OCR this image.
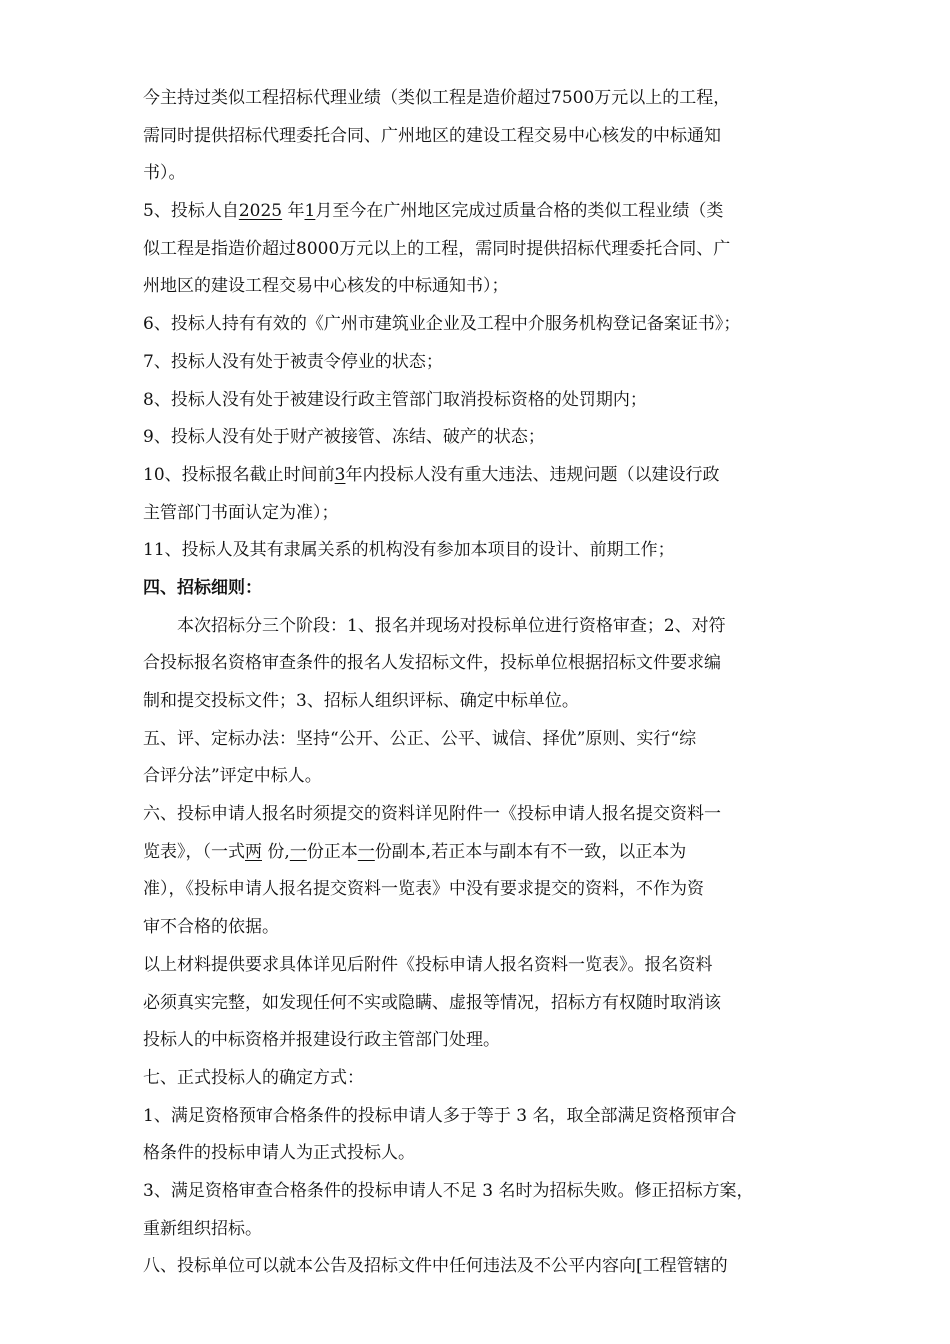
今主持过类似工程招标代理业绩（类似工程是造价超过7500万元以上的工程，
需同时提供招标代理委托合同、广州地区的建设工程交易中心核发的中标通知
书）。
5、投标人自2025 年1月至今在广州地区完成过质量合格的类似工程业绩（类
似工程是指造价超过8000万元以上的工程，需同时提供招标代理委托合同、广
州地区的建设工程交易中心核发的中标通知书）；
6、投标人持有有效的《广州市建筑业企业及工程中介服务机构登记备案证书》；
7、投标人没有处于被责令停业的状态；
8、投标人没有处于被建设行政主管部门取消投标资格的处罚期内；
9、投标人没有处于财产被接管、冻结、破产的状态；
10、投标报名截止时间前3年内投标人没有重大违法、违规问题（以建设行政
主管部门书面认定为准）；
11、投标人及其有隶属关系的机构没有参加本项目的设计、前期工作；
四、招标细则：
本次招标分三个阶段：1、报名并现场对投标单位进行资格审查；2、对符
合投标报名资格审查条件的报名人发招标文件，投标单位根据招标文件要求编
制和提交投标文件；3、招标人组织评标、确定中标单位。
五、评、定标办法：坚持“公开、公正、公平、诚信、择优”原则、实行“综
合评分法”评定中标人。
六、投标申请人报名时须提交的资料详见附件一《投标申请人报名提交资料一
览表》，（一式两 份,一份正本一份副本,若正本与副本有不一致，以正本为
准），《投标申请人报名提交资料一览表》中没有要求提交的资料，不作为资
审不合格的依据。
以上材料提供要求具体详见后附件《投标申请人报名资料一览表》。报名资料
必须真实完整，如发现任何不实或隐瞒、虚报等情况，招标方有权随时取消该
投标人的中标资格并报建设行政主管部门处理。
七、正式投标人的确定方式：
1、满足资格预审合格条件的投标申请人多于等于 3 名，取全部满足资格预审合
格条件的投标申请人为正式投标人。
3、满足资格审查合格条件的投标申请人不足 3 名时为招标失败。修正招标方案，
重新组织招标。
八、投标单位可以就本公告及招标文件中任何违法及不公平内容向[工程管辖的
